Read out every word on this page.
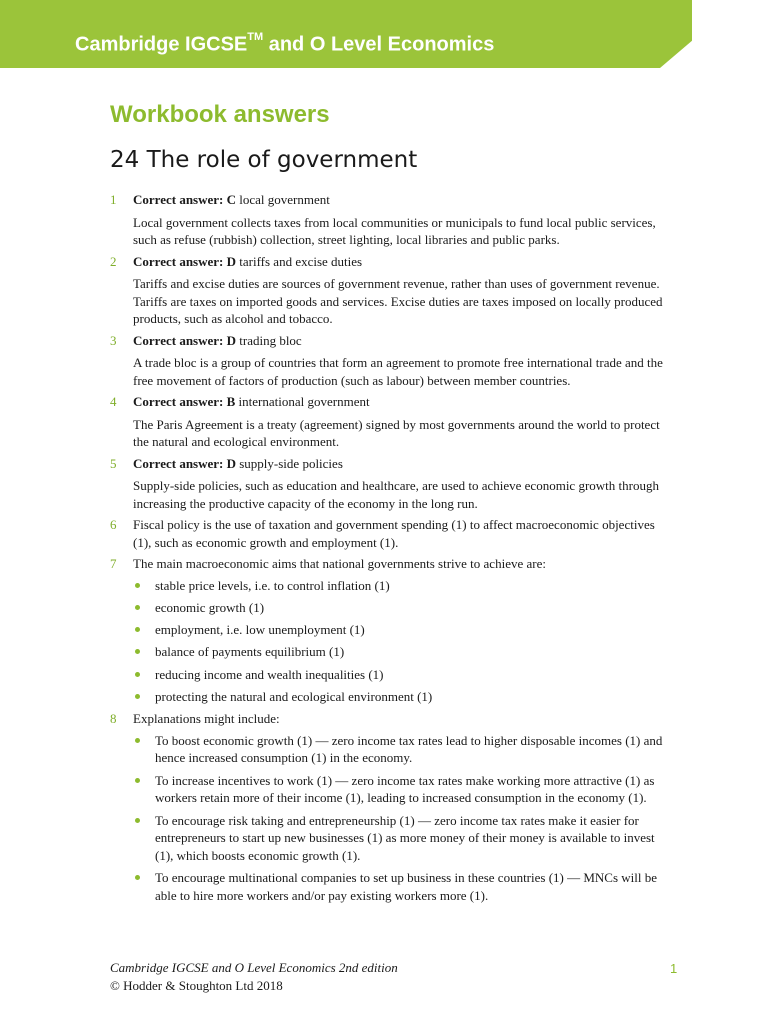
Cambridge IGCSE™ and O Level Economics
Workbook answers
24 The role of government
1 Correct answer: C local government

Local government collects taxes from local communities or municipals to fund local public services, such as refuse (rubbish) collection, street lighting, local libraries and public parks.

2 Correct answer: D tariffs and excise duties

Tariffs and excise duties are sources of government revenue, rather than uses of government revenue. Tariffs are taxes on imported goods and services. Excise duties are taxes imposed on locally produced products, such as alcohol and tobacco.

3 Correct answer: D trading bloc

A trade bloc is a group of countries that form an agreement to promote free international trade and the free movement of factors of production (such as labour) between member countries.

4 Correct answer: B international government

The Paris Agreement is a treaty (agreement) signed by most governments around the world to protect the natural and ecological environment.

5 Correct answer: D supply-side policies

Supply-side policies, such as education and healthcare, are used to achieve economic growth through increasing the productive capacity of the economy in the long run.

6 Fiscal policy is the use of taxation and government spending (1) to affect macroeconomic objectives (1), such as economic growth and employment (1).

7 The main macroeconomic aims that national governments strive to achieve are:

stable price levels, i.e. to control inflation (1)
economic growth (1)
employment, i.e. low unemployment (1)
balance of payments equilibrium (1)
reducing income and wealth inequalities (1)
protecting the natural and ecological environment (1)
8 Explanations might include:

To boost economic growth (1) — zero income tax rates lead to higher disposable incomes (1) and hence increased consumption (1) in the economy.
To increase incentives to work (1) — zero income tax rates make working more attractive (1) as workers retain more of their income (1), leading to increased consumption in the economy (1).
To encourage risk taking and entrepreneurship (1) — zero income tax rates make it easier for entrepreneurs to start up new businesses (1) as more money of their money is available to invest (1), which boosts economic growth (1).
To encourage multinational companies to set up business in these countries (1) — MNCs will be able to hire more workers and/or pay existing workers more (1).
Cambridge IGCSE and O Level Economics 2nd edition
© Hodder & Stoughton Ltd 2018
1
